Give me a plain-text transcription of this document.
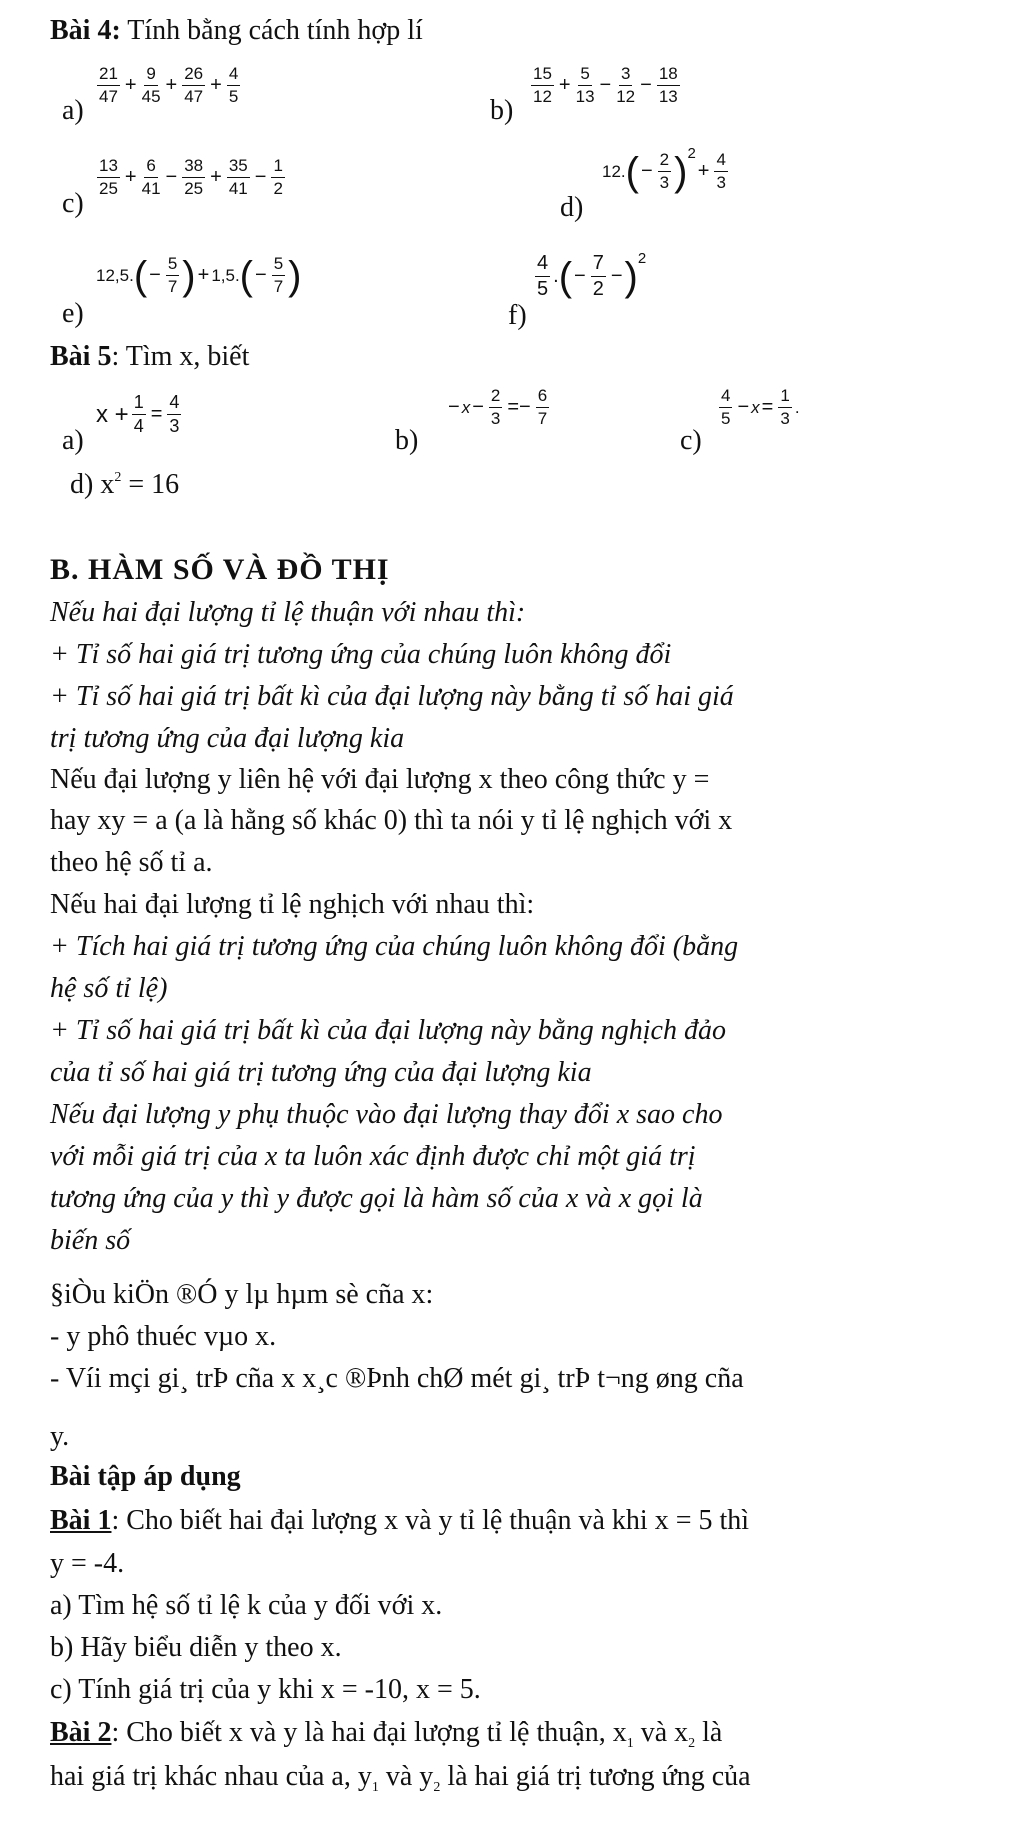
Bài 4: Tính bằng cách tính hợp lí
a)
$\frac{21}{47} + \frac{9}{45} + \frac{26}{47} + \frac{4}{5}$
b)
$\frac{15}{12} + \frac{5}{13} - \frac{3}{12} - \frac{18}{13}$
c)
$\frac{13}{25} + \frac{6}{41} - \frac{38}{25} + \frac{35}{41} - \frac{1}{2}$
d)
12. ( − $\frac{2}{3}$ ) 2
+ $\frac{4}{3}$
e)
12,5. ( − $\frac{5}{7}$ ) + 1,5. ( − $\frac{5}{7}$ )
f)
$\frac{4}{5}$ . ( − $\frac{7}{2}$ − ) 2
Bài 5: Tìm x, biết
a)
$x + \frac{1}{4} = \frac{4}{3}$
b)
− $x - \frac{2}{3} =- \frac{6}{7}$
c)
$\frac{4}{5} - x = \frac{1}{3}$ .
d) $x^2 = 16$
B. HÀM SỐ VÀ ĐỒ THỊ
Nếu hai đại lượng tỉ lệ thuận với nhau thì:
+ Tỉ số hai giá trị tương ứng của chúng luôn không đổi
+ Tỉ số hai giá trị bất kì của đại lượng này bằng tỉ số hai giá
trị tương ứng của đại lượng kia
Nếu đại lượng y liên hệ với đại lượng x theo công thức y =
hay xy = a (a là hằng số khác 0) thì ta nói y tỉ lệ nghịch với x
theo hệ số tỉ a.
Nếu hai đại lượng tỉ lệ nghịch với nhau thì:
+ Tích hai giá trị tương ứng của chúng luôn không đổi (bằng
hệ số tỉ lệ)
+ Tỉ số hai giá trị bất kì của đại lượng này bằng nghịch đảo
của tỉ số hai giá trị tương ứng của đại lượng kia
Nếu đại lượng y phụ thuộc vào đại lượng thay đổi x sao cho
với mỗi giá trị của x ta luôn xác định được chỉ một giá trị
tương ứng của y thì y được gọi là hàm số của x và x gọi là
biến số
§iÒu kiÖn ®Ó y lµ hµm sè cña x:
- y phô thuéc vµo x.
- Víi mçi gi¸ trÞ cña x x¸c ®Þnh chØ mét gi¸ trÞ t¬ng øng cña
y.
Bài tập áp dụng
Bài 1: Cho biết hai đại lượng x và y tỉ lệ thuận và khi x = 5 thì
y = -4.
a) Tìm hệ số tỉ lệ k của y đối với x.
b) Hãy biểu diễn y theo x.
c) Tính giá trị của y khi x = -10, x = 5.
Bài 2: Cho biết x và y là hai đại lượng tỉ lệ thuận, $x_1$ và $x_2$ là
hai giá trị khác nhau của a, $y_1$ và $y_2$ là hai giá trị tương ứng của
